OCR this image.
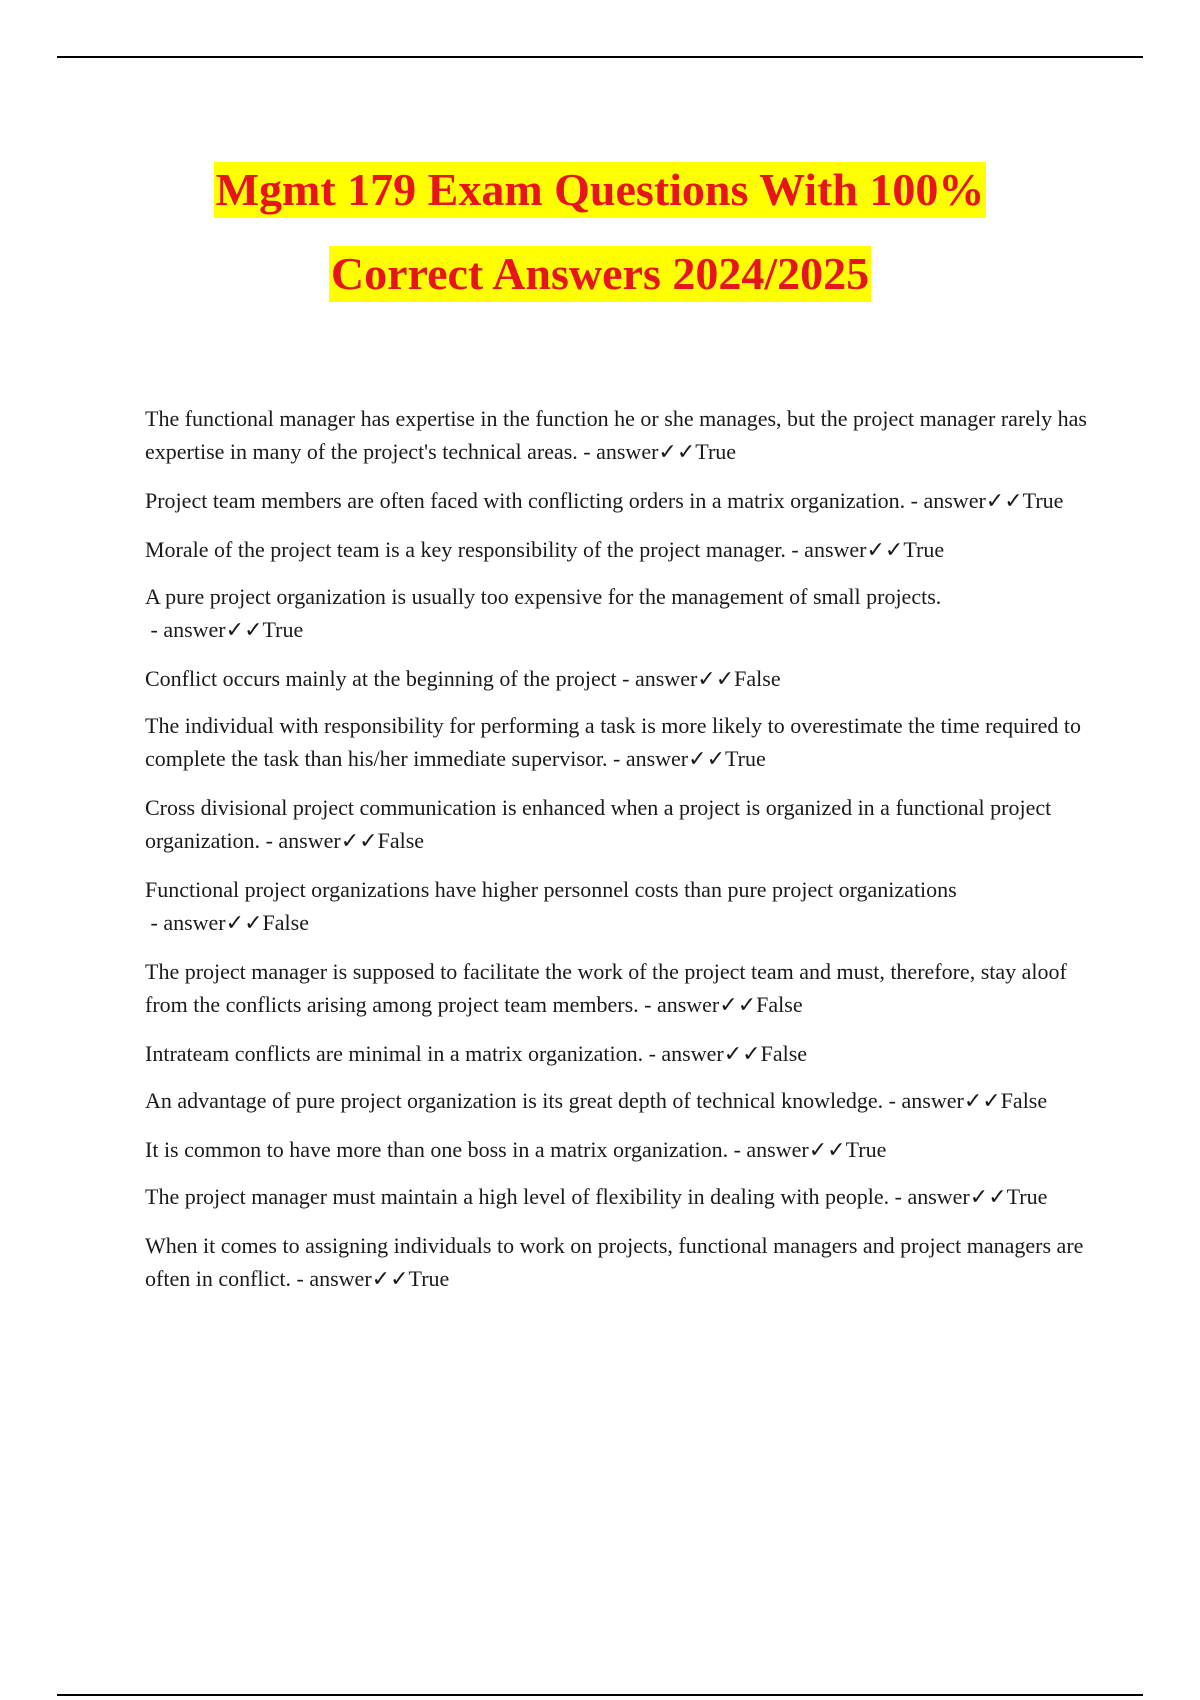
Mgmt 179 Exam Questions With 100%
Correct Answers 2024/2025

The functional manager has expertise in the function he or she manages, but the project manager rarely has expertise in many of the project's technical areas. - answer✓✓True

Project team members are often faced with conflicting orders in a matrix organization. - answer✓✓True

Morale of the project team is a key responsibility of the project manager. - answer✓✓True

A pure project organization is usually too expensive for the management of small projects. - answer✓✓True

Conflict occurs mainly at the beginning of the project - answer✓✓False

The individual with responsibility for performing a task is more likely to overestimate the time required to complete the task than his/her immediate supervisor. - answer✓✓True

Cross divisional project communication is enhanced when a project is organized in a functional project organization. - answer✓✓False

Functional project organizations have higher personnel costs than pure project organizations - answer✓✓False

The project manager is supposed to facilitate the work of the project team and must, therefore, stay aloof from the conflicts arising among project team members. - answer✓✓False

Intrateam conflicts are minimal in a matrix organization. - answer✓✓False

An advantage of pure project organization is its great depth of technical knowledge. - answer✓✓False

It is common to have more than one boss in a matrix organization. - answer✓✓True

The project manager must maintain a high level of flexibility in dealing with people. - answer✓✓True

When it comes to assigning individuals to work on projects, functional managers and project managers are often in conflict. - answer✓✓True
